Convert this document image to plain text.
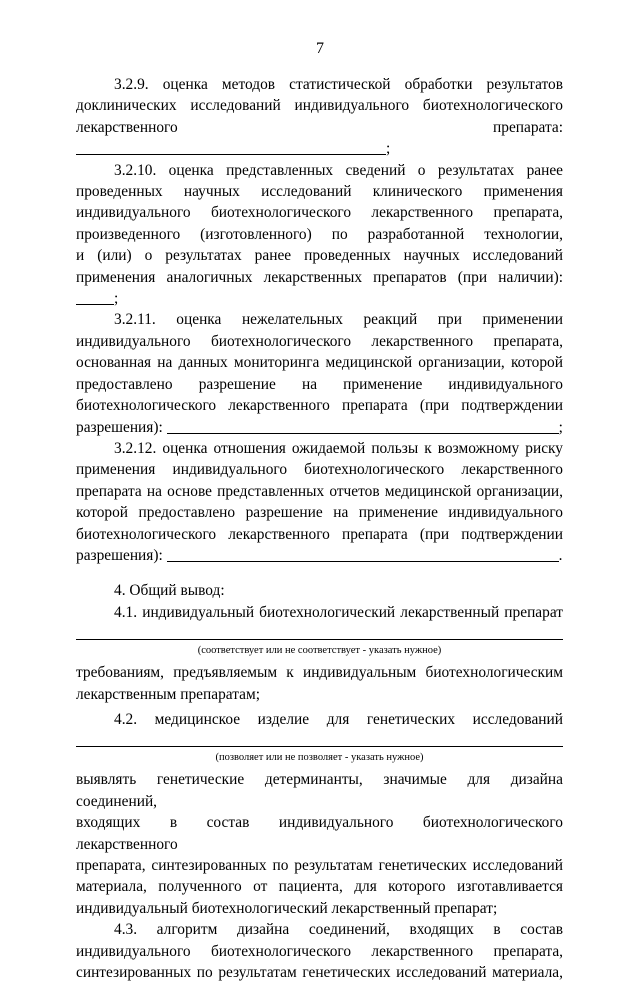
7

3.2.9. оценка методов статистической обработки результатов

доклинических исследований индивидуального биотехнологического

лекарственного препарата: ;

3.2.10. оценка представленных сведений о результатах ранее

проведенных научных исследований клинического применения

индивидуального биотехнологического лекарственного препарата,

произведенного (изготовленного) по разработанной технологии,

и (или) о результатах ранее проведенных научных исследований

применения аналогичных лекарственных препаратов (при наличии): ;

3.2.11. оценка нежелательных реакций при применении

индивидуального биотехнологического лекарственного препарата,

основанная на данных мониторинга медицинской организации, которой

предоставлено разрешение на применение индивидуального

биотехнологического лекарственного препарата (при подтверждении

разрешения):	;

3.2.12. оценка отношения ожидаемой пользы к возможному риску

применения индивидуального биотехнологического лекарственного

препарата на основе представленных отчетов медицинской организации,

которой предоставлено разрешение на применение индивидуального

биотехнологического лекарственного препарата (при подтверждении

разрешения):	.

4. Общий вывод:

4.1. индивидуальный биотехнологический лекарственный препарат

(соответствует или не соответствует - указать нужное)

требованиям, предъявляемым к индивидуальным биотехнологическим

лекарственным препаратам;

4.2. медицинское изделие для генетических исследований

(позволяет или не позволяет - указать нужное)

выявлять генетические детерминанты, значимые для дизайна соединений,

входящих в состав индивидуального биотехнологического лекарственного

препарата, синтезированных по результатам генетических исследований

материала, полученного от пациента, для которого изготавливается

индивидуальный биотехнологический лекарственный препарат;

4.3. алгоритм дизайна соединений, входящих в состав

индивидуального биотехнологического лекарственного препарата,

синтезированных по результатам генетических исследований материала,
